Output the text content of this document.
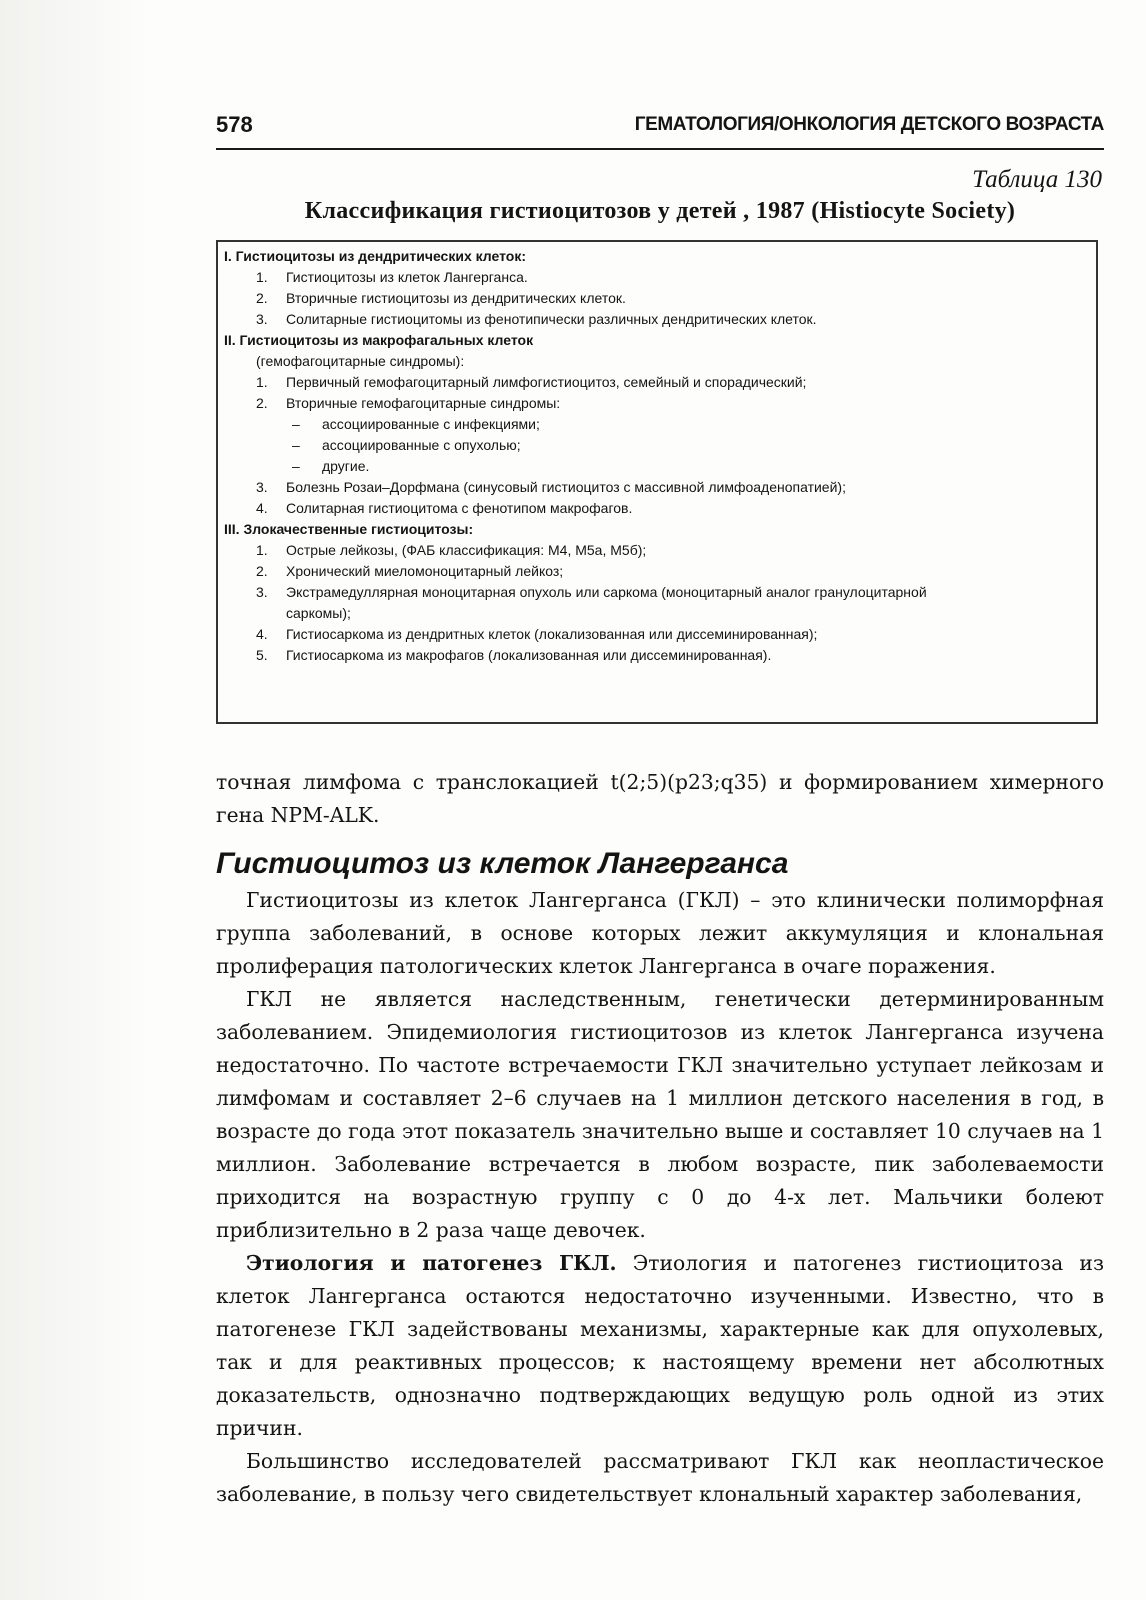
578	ГЕМАТОЛОГИЯ/ОНКОЛОГИЯ ДЕТСКОГО ВОЗРАСТА
Таблица 130
Классификация гистиоцитозов у детей , 1987 (Histiocyte Society)
I. Гистиоцитозы из дендритических клеток:
1. Гистиоцитозы из клеток Лангерганса.
2. Вторичные гистиоцитозы из дендритических клеток.
3. Солитарные гистиоцитомы из фенотипически различных дендритических клеток.
II. Гистиоцитозы из макрофагальных клеток
(гемофагоцитарные синдромы):
1. Первичный гемофагоцитарный лимфогистиоцитоз, семейный и спорадический;
2. Вторичные гемофагоцитарные синдромы:
– ассоциированные с инфекциями;
– ассоциированные с опухолью;
– другие.
3. Болезнь Розаи–Дорфмана (синусовый гистиоцитоз с массивной лимфоаденопатией);
4. Солитарная гистиоцитома с фенотипом макрофагов.
III. Злокачественные гистиоцитозы:
1. Острые лейкозы, (ФАБ классификация: М4, М5а, М5б);
2. Хронический миеломоноцитарный лейкоз;
3. Экстрамедуллярная моноцитарная опухоль или саркома (моноцитарный аналог гранулоцитарной
саркомы);
4. Гистиосаркома из дендритных клеток (локализованная или диссеминированная);
5. Гистиосаркома из макрофагов (локализованная или диссеминированная).

точная лимфома с транслокацией t(2;5)(p23;q35) и формированием химерного гена NPM-ALK.

Гистиоцитоз из клеток Лангерганса

Гистиоцитозы из клеток Лангерганса (ГКЛ) – это клинически полиморфная группа заболеваний, в основе которых лежит аккумуляция и клональная пролиферация патологических клеток Лангерганса в очаге поражения.

ГКЛ не является наследственным, генетически детерминированным заболеванием. Эпидемиология гистиоцитозов из клеток Лангерганса изучена недостаточно. По частоте встречаемости ГКЛ значительно уступает лейкозам и лимфомам и составляет 2–6 случаев на 1 миллион детского населения в год, в возрасте до года этот показатель значительно выше и составляет 10 случаев на 1 миллион. Заболевание встречается в любом возрасте, пик заболеваемости приходится на возрастную группу с 0 до 4-х лет. Мальчики болеют приблизительно в 2 раза чаще девочек.

Этиология и патогенез ГКЛ. Этиология и патогенез гистиоцитоза из клеток Лангерганса остаются недостаточно изученными. Известно, что в патогенезе ГКЛ задействованы механизмы, характерные как для опухолевых, так и для реактивных процессов; к настоящему времени нет абсолютных доказательств, однозначно подтверждающих ведущую роль одной из этих причин.

Большинство исследователей рассматривают ГКЛ как неопластическое заболевание, в пользу чего свидетельствует клональный характер заболевания,
